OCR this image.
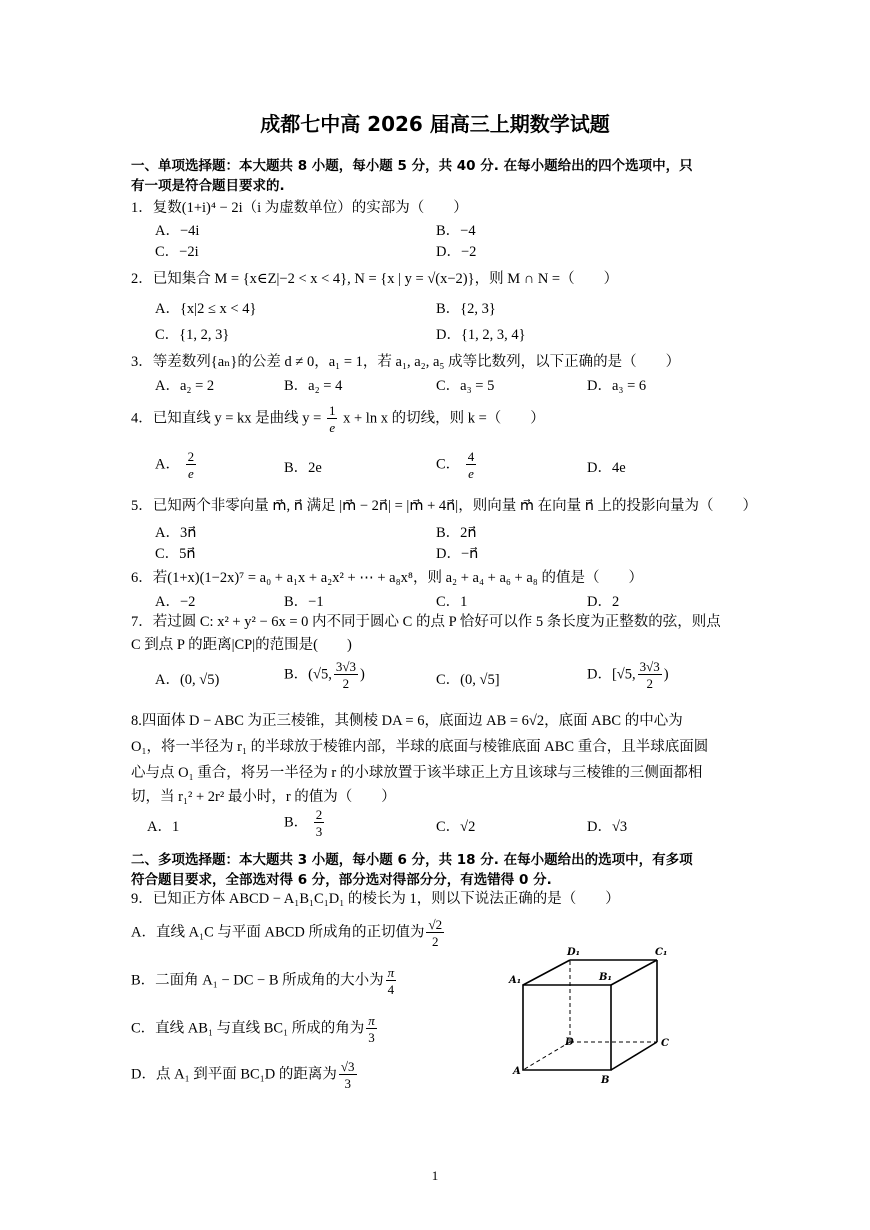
成都七中高 2026 届高三上期数学试题
一、单项选择题：本大题共 8 小题，每小题 5 分，共 40 分. 在每小题给出的四个选项中，只
有一项是符合题目要求的.
1．复数(1+i)⁴ − 2i（i 为虚数单位）的实部为（　　）
A．−4i	B．−4
C．−2i	D．−2
2．已知集合 M = {x∈Z|−2 < x < 4}, N = {x | y = √(x−2)}，则 M ∩ N =（　　）
A．{x|2 ≤ x < 4}	B．{2, 3}
C．{1, 2, 3}	D．{1, 2, 3, 4}
3．等差数列{aₙ}的公差 d ≠ 0，a₁ = 1，若 a₁, a₂, a₅ 成等比数列，以下正确的是（　　）
A．a₂ = 2	B．a₂ = 4	C．a₃ = 5	D．a₃ = 6
4．已知直线 y = kx 是曲线 $y = \frac{1}{e}$ x + ln x 的切线，则 k =（　　）
A． $\frac{2}{e}$	B．2e	C． $\frac{4}{e}$	D．4e
5．已知两个非零向量 m⃗, n⃗ 满足 |m⃗ − 2n⃗| = |m⃗ + 4n⃗|，则向量 m⃗ 在向量 n⃗ 上的投影向量为（　　）
A．3n⃗	B．2n⃗
C．5n⃗	D．−n⃗
6．若(1+x)(1−2x)⁷ = a₀ + a₁x + a₂x² + ⋯ + a₈x⁸，则 a₂ + a₄ + a₆ + a₈ 的值是（　　）
A．−2	B．−1	C．1	D．2
7．若过圆 C: x² + y² − 6x = 0 内不同于圆心 C 的点 P 恰好可以作 5 条长度为正整数的弦，则点
C 到点 P 的距离|CP|的范围是(　　)
A．(0, √5)	B．(√5, $\frac{3√3}{2}$ )	C．(0, √5]	D．[√5, $\frac{3√3}{2}$ )
8.四面体 D − ABC 为正三棱锥，其侧棱 DA = 6，底面边 AB = 6√2，底面 ABC 的中心为
O₁，将一半径为 r₁ 的半球放于棱锥内部，半球的底面与棱锥底面 ABC 重合，且半球底面圆
心与点 O₁ 重合，将另一半径为 r 的小球放置于该半球正上方且该球与三棱锥的三侧面都相
切，当 r₁² + 2r² 最小时，r 的值为（　　）
A．1	B． $\frac{2}{3}$	C．√2	D．√3
二、多项选择题：本大题共 3 小题，每小题 6 分，共 18 分. 在每小题给出的选项中，有多项
符合题目要求，全部选对得 6 分，部分选对得部分分，有选错得 0 分.
9．已知正方体 ABCD − A₁B₁C₁D₁ 的棱长为 1，则以下说法正确的是（　　）
A．直线 A₁C 与平面 ABCD 所成角的正切值为 $\frac{√2}{2}$
B．二面角 A₁ − DC − B 所成角的大小为 $\frac{\pi}{4}$
C．直线 AB₁ 与直线 BC₁ 所成的角为 $\frac{\pi}{3}$
D．点 A₁ 到平面 BC₁D 的距离为 $\frac{√3}{3}$
D₁	C₁
A₁	B₁
D	C
A
B
1
